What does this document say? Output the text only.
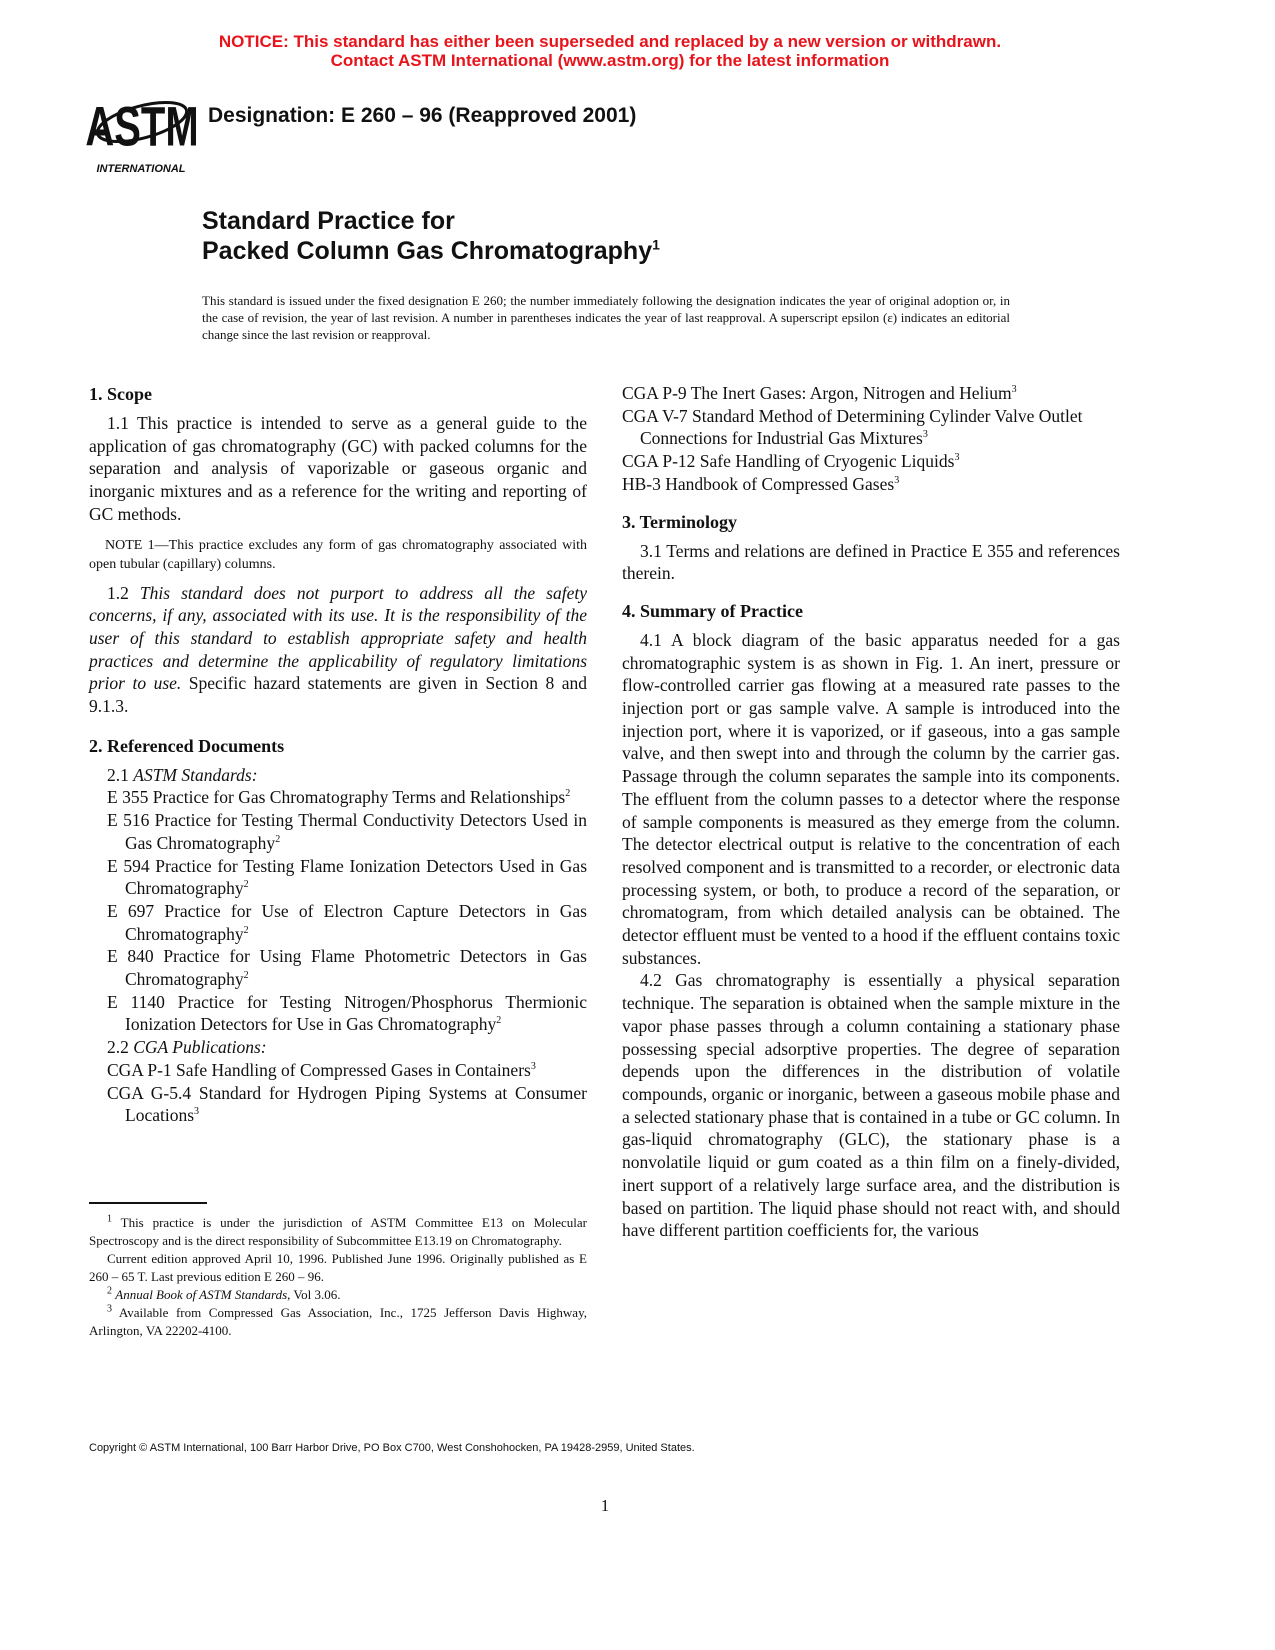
NOTICE: This standard has either been superseded and replaced by a new version or withdrawn.
Contact ASTM International (www.astm.org) for the latest information
ASTM
INTERNATIONAL
Designation: E 260 – 96 (Reapproved 2001)
Standard Practice for
Packed Column Gas Chromatography$^1$
This standard is issued under the fixed designation E 260; the number immediately following the designation indicates the year of original adoption or, in the case of revision, the year of last revision. A number in parentheses indicates the year of last reapproval. A superscript epsilon (ε) indicates an editorial change since the last revision or reapproval.
1. Scope

1.1 This practice is intended to serve as a general guide to the application of gas chromatography (GC) with packed columns for the separation and analysis of vaporizable or gaseous organic and inorganic mixtures and as a reference for the writing and reporting of GC methods.

NOTE 1—This practice excludes any form of gas chromatography associated with open tubular (capillary) columns.

1.2 This standard does not purport to address all the safety concerns, if any, associated with its use. It is the responsibility of the user of this standard to establish appropriate safety and health practices and determine the applicability of regulatory limitations prior to use. Specific hazard statements are given in Section 8 and 9.1.3.

2. Referenced Documents

2.1 ASTM Standards:

E 355 Practice for Gas Chromatography Terms and Relationships$^2$

E 516 Practice for Testing Thermal Conductivity Detectors Used in Gas Chromatography$^2$

E 594 Practice for Testing Flame Ionization Detectors Used in Gas Chromatography$^2$

E 697 Practice for Use of Electron Capture Detectors in Gas Chromatography$^2$

E 840 Practice for Using Flame Photometric Detectors in Gas Chromatography$^2$

E 1140 Practice for Testing Nitrogen/Phosphorus Thermionic Ionization Detectors for Use in Gas Chromatography$^2$

2.2 CGA Publications:

CGA P-1 Safe Handling of Compressed Gases in Containers$^3$

CGA G-5.4 Standard for Hydrogen Piping Systems at Consumer Locations$^3$

CGA P-9 The Inert Gases: Argon, Nitrogen and Helium$^3$

CGA V-7 Standard Method of Determining Cylinder Valve Outlet Connections for Industrial Gas Mixtures$^3$

CGA P-12 Safe Handling of Cryogenic Liquids$^3$

HB-3 Handbook of Compressed Gases$^3$

3. Terminology

3.1 Terms and relations are defined in Practice E 355 and references therein.

4. Summary of Practice

4.1 A block diagram of the basic apparatus needed for a gas chromatographic system is as shown in Fig. 1. An inert, pressure or flow-controlled carrier gas flowing at a measured rate passes to the injection port or gas sample valve. A sample is introduced into the injection port, where it is vaporized, or if gaseous, into a gas sample valve, and then swept into and through the column by the carrier gas. Passage through the column separates the sample into its components. The effluent from the column passes to a detector where the response of sample components is measured as they emerge from the column. The detector electrical output is relative to the concentration of each resolved component and is transmitted to a recorder, or electronic data processing system, or both, to produce a record of the separation, or chromatogram, from which detailed analysis can be obtained. The detector effluent must be vented to a hood if the effluent contains toxic substances.

4.2 Gas chromatography is essentially a physical separation technique. The separation is obtained when the sample mixture in the vapor phase passes through a column containing a stationary phase possessing special adsorptive properties. The degree of separation depends upon the differences in the distribution of volatile compounds, organic or inorganic, between a gaseous mobile phase and a selected stationary phase that is contained in a tube or GC column. In gas-liquid chromatography (GLC), the stationary phase is a nonvolatile liquid or gum coated as a thin film on a finely-divided, inert support of a relatively large surface area, and the distribution is based on partition. The liquid phase should not react with, and should have different partition coefficients for, the various

$^1$ This practice is under the jurisdiction of ASTM Committee E13 on Molecular Spectroscopy and is the direct responsibility of Subcommittee E13.19 on Chromatography.

Current edition approved April 10, 1996. Published June 1996. Originally published as E 260 – 65 T. Last previous edition E 260 – 96.

$^2$ Annual Book of ASTM Standards, Vol 3.06.

$^3$ Available from Compressed Gas Association, Inc., 1725 Jefferson Davis Highway, Arlington, VA 22202-4100.

Copyright © ASTM International, 100 Barr Harbor Drive, PO Box C700, West Conshohocken, PA 19428-2959, United States.
1
